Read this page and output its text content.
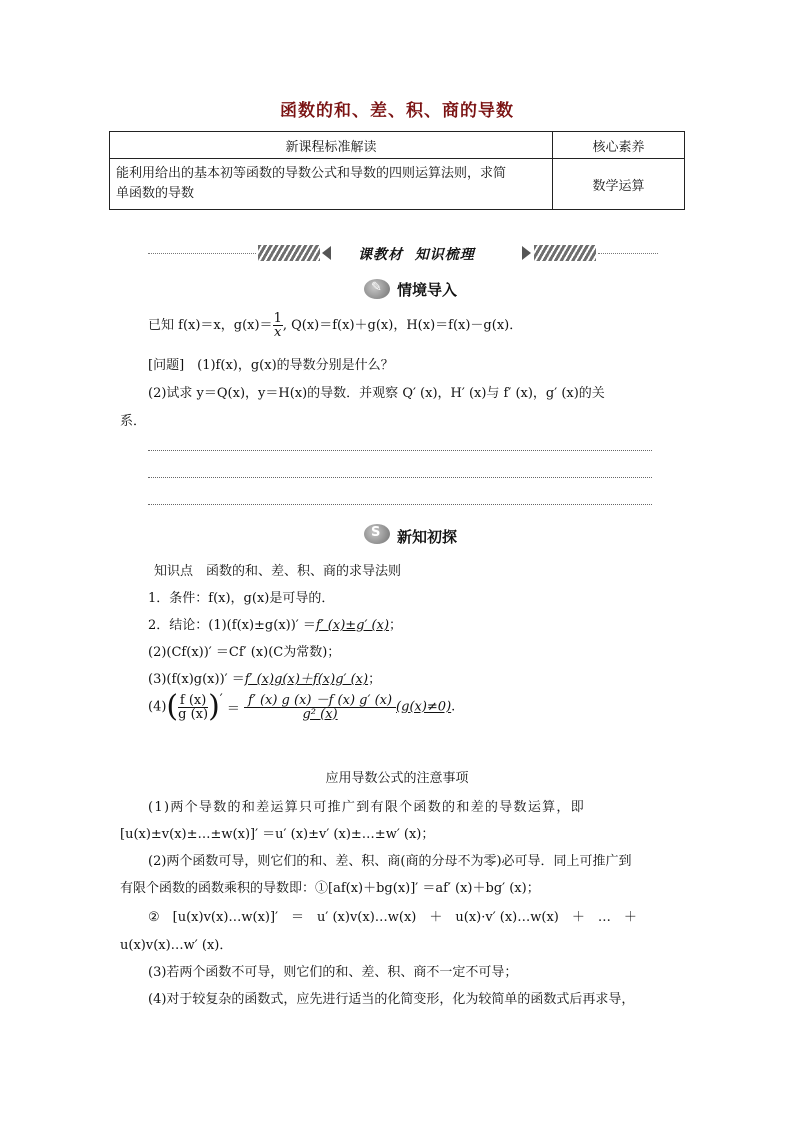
函数的和、差、积、商的导数
新课程标准解读	核心素养
能利用给出的基本初等函数的导数公式和导数的四则运算法则，求简
单函数的导数	数学运算
课教材 知识梳理
✎ 情境导入
已知 f(x)＝x，$g(x)= \frac{1}{x}$ , Q(x)＝f(x)＋g(x)，H(x)＝f(x)－g(x)．
[问题]　(1)f(x)，g(x)的导数分别是什么？
(2)试求 y＝Q(x)，y＝H(x)的导数．并观察 Q′ (x)，H′ (x)与 f′ (x)，g′ (x)的关
系．
S 新知初探
知识点　函数的和、差、积、商的求导法则
1．条件：f(x)，g(x)是可导的．
2．结论：(1)(f(x)±g(x))′ ＝f′ (x)±g′ (x)；
(2)(Cf(x))′ ＝Cf′ (x)(C为常数)；
(3)(f(x)g(x))′ ＝f′ (x)g(x)＋f(x)g′ (x)；
$(4)( \frac{f (x)}{g (x)}$ )′ ＝ $\frac{f' (x) g (x) -f (x) g' (x)}{\text{g² (x)}} (g(x)\ne 0)$.
应用导数公式的注意事项
(1)两个导数的和差运算只可推广到有限个函数的和差的导数运算，即
[u(x)±v(x)±…±w(x)]′ ＝u′ (x)±v′ (x)±…±w′ (x)；
(2)两个函数可导，则它们的和、差、积、商(商的分母不为零)必可导．同上可推广到
有限个函数的函数乘积的导数即：①[af(x)＋bg(x)]′ ＝af′ (x)＋bg′ (x)；
②　[u(x)v(x)…w(x)]′　＝　u′ (x)v(x)…w(x)　＋　u(x)·v′ (x)…w(x)　＋　…　＋
u(x)v(x)…w′ (x)．
(3)若两个函数不可导，则它们的和、差、积、商不一定不可导；
(4)对于较复杂的函数式，应先进行适当的化简变形，化为较简单的函数式后再求导，
